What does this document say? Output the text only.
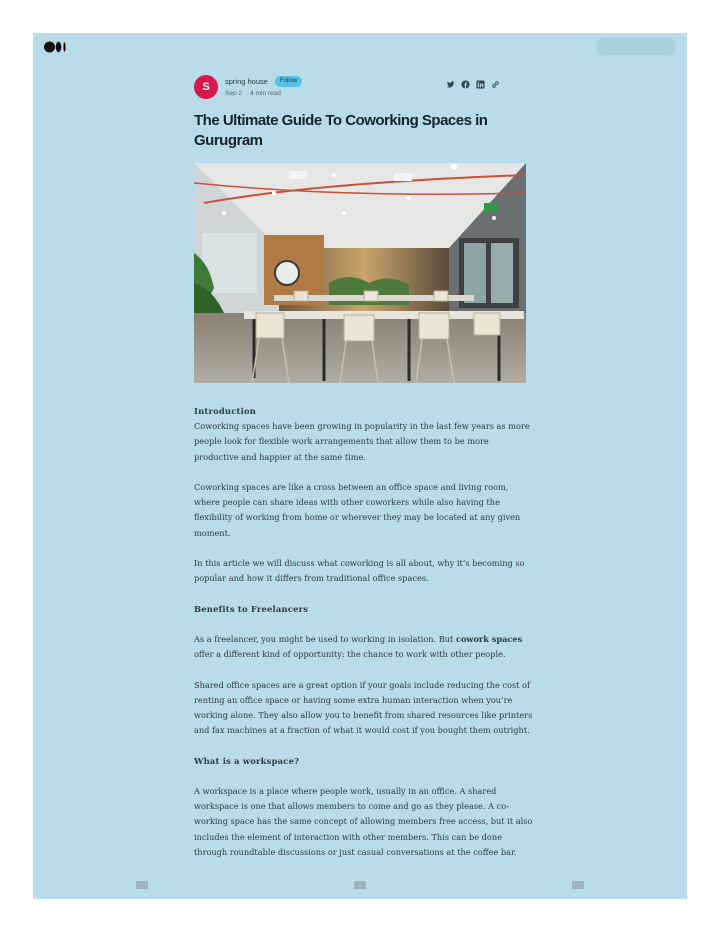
S	spring house	Follow
Sep 2 · 4 min read
The Ultimate Guide To Coworking Spaces in Gurugram
Introduction

Coworking spaces have been growing in popularity in the last few years as more people look for flexible work arrangements that allow them to be more productive and happier at the same time.

Coworking spaces are like a cross between an office space and living room, where people can share ideas with other coworkers while also having the flexibility of working from home or wherever they may be located at any given moment.

In this article we will discuss what coworking is all about, why it’s becoming so popular and how it differs from traditional office spaces.

Benefits to Freelancers

As a freelancer, you might be used to working in isolation. But cowork spaces offer a different kind of opportunity: the chance to work with other people.

Shared office spaces are a great option if your goals include reducing the cost of renting an office space or having some extra human interaction when you’re working alone. They also allow you to benefit from shared resources like printers and fax machines at a fraction of what it would cost if you bought them outright.

What is a workspace?

A workspace is a place where people work, usually in an office. A shared workspace is one that allows members to come and go as they please. A co-working space has the same concept of allowing members free access, but it also includes the element of interaction with other members. This can be done through roundtable discussions or just casual conversations at the coffee bar.
